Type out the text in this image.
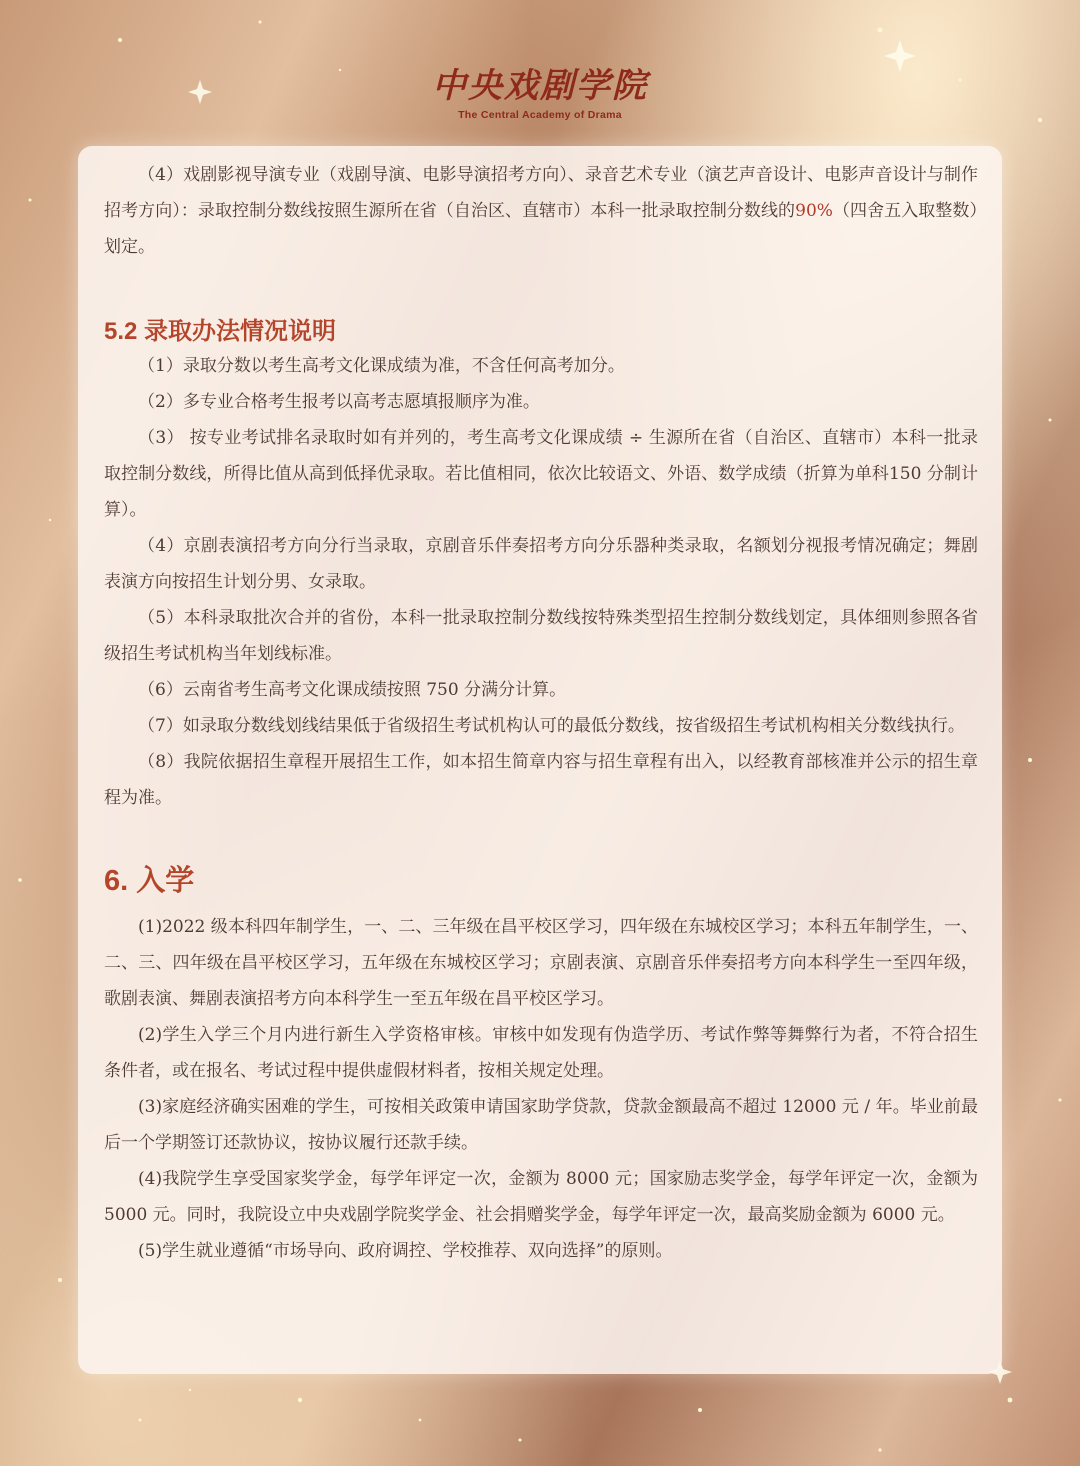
中央戏剧学院
The Central Academy of Drama

（4）戏剧影视导演专业（戏剧导演、电影导演招考方向）、录音艺术专业（演艺声音设计、电影声音设计与制作招考方向）：录取控制分数线按照生源所在省（自治区、直辖市）本科一批录取控制分数线的90%（四舍五入取整数）划定。

5.2 录取办法情况说明

（1）录取分数以考生高考文化课成绩为准，不含任何高考加分。

（2）多专业合格考生报考以高考志愿填报顺序为准。

（3） 按专业考试排名录取时如有并列的，考生高考文化课成绩 ÷ 生源所在省（自治区、直辖市）本科一批录取控制分数线，所得比值从高到低择优录取。若比值相同，依次比较语文、外语、数学成绩（折算为单科150 分制计算）。

（4）京剧表演招考方向分行当录取，京剧音乐伴奏招考方向分乐器种类录取，名额划分视报考情况确定；舞剧表演方向按招生计划分男、女录取。

（5）本科录取批次合并的省份，本科一批录取控制分数线按特殊类型招生控制分数线划定，具体细则参照各省级招生考试机构当年划线标准。

（6）云南省考生高考文化课成绩按照 750 分满分计算。

（7）如录取分数线划线结果低于省级招生考试机构认可的最低分数线，按省级招生考试机构相关分数线执行。

（8）我院依据招生章程开展招生工作，如本招生简章内容与招生章程有出入，以经教育部核准并公示的招生章程为准。

6. 入学

(1)2022 级本科四年制学生，一、二、三年级在昌平校区学习，四年级在东城校区学习；本科五年制学生，一、二、三、四年级在昌平校区学习，五年级在东城校区学习；京剧表演、京剧音乐伴奏招考方向本科学生一至四年级，歌剧表演、舞剧表演招考方向本科学生一至五年级在昌平校区学习。

(2)学生入学三个月内进行新生入学资格审核。审核中如发现有伪造学历、考试作弊等舞弊行为者，不符合招生条件者，或在报名、考试过程中提供虚假材料者，按相关规定处理。

(3)家庭经济确实困难的学生，可按相关政策申请国家助学贷款，贷款金额最高不超过 12000 元 / 年。毕业前最后一个学期签订还款协议，按协议履行还款手续。

(4)我院学生享受国家奖学金，每学年评定一次，金额为 8000 元；国家励志奖学金，每学年评定一次，金额为5000 元。同时，我院设立中央戏剧学院奖学金、社会捐赠奖学金，每学年评定一次，最高奖励金额为 6000 元。

(5)学生就业遵循“市场导向、政府调控、学校推荐、双向选择”的原则。
